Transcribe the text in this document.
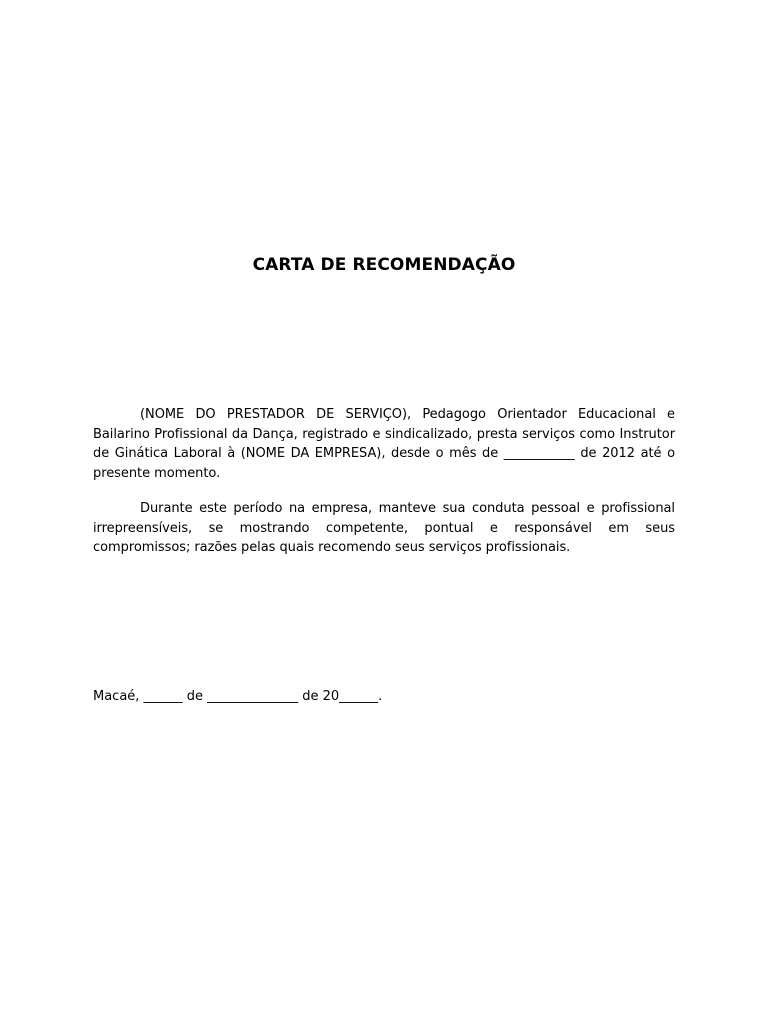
CARTA DE RECOMENDAÇÃO

(NOME DO PRESTADOR DE SERVIÇO), Pedagogo Orientador Educacional e Bailarino Profissional da Dança, registrado e sindicalizado, presta serviços como Instrutor de Ginática Laboral à (NOME DA EMPRESA), desde o mês de ___________ de 2012 até o presente momento.

Durante este período na empresa, manteve sua conduta pessoal e profissional irrepreensíveis, se mostrando competente, pontual e responsável em seus compromissos; razões pelas quais recomendo seus serviços profissionais.

Macaé, ______ de ______________ de 20______.
